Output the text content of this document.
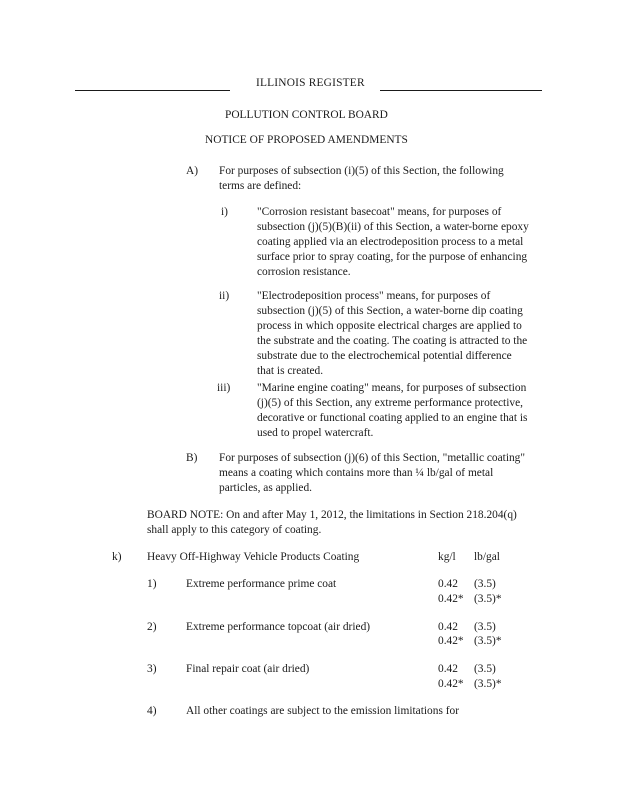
ILLINOIS REGISTER
POLLUTION CONTROL BOARD
NOTICE OF PROPOSED AMENDMENTS
A) For purposes of subsection (i)(5) of this Section, the following
terms are defined:
i)	"Corrosion resistant basecoat" means, for purposes of
subsection (j)(5)(B)(ii) of this Section, a water-borne epoxy
coating applied via an electrodeposition process to a metal
surface prior to spray coating, for the purpose of enhancing
corrosion resistance.
ii) "Electrodeposition process" means, for purposes of
subsection (j)(5) of this Section, a water-borne dip coating
process in which opposite electrical charges are applied to
the substrate and the coating. The coating is attracted to the
substrate due to the electrochemical potential difference
that is created.
iii) "Marine engine coating" means, for purposes of subsection
(j)(5) of this Section, any extreme performance protective,
decorative or functional coating applied to an engine that is
used to propel watercraft.
B) For purposes of subsection (j)(6) of this Section, "metallic coating"
means a coating which contains more than ¼ lb/gal of metal
particles, as applied.
BOARD NOTE: On and after May 1, 2012, the limitations in Section 218.204(q)
shall apply to this category of coating.
k) Heavy Off-Highway Vehicle Products Coating	kg/l lb/gal
1)	Extreme performance prime coat	0.42 (3.5)
0.42* (3.5)*
2)	Extreme performance topcoat (air dried)	0.42 (3.5)
0.42* (3.5)*
3)	Final repair coat (air dried)	0.42 (3.5)
0.42* (3.5)*
4)	All other coatings are subject to the emission limitations for
